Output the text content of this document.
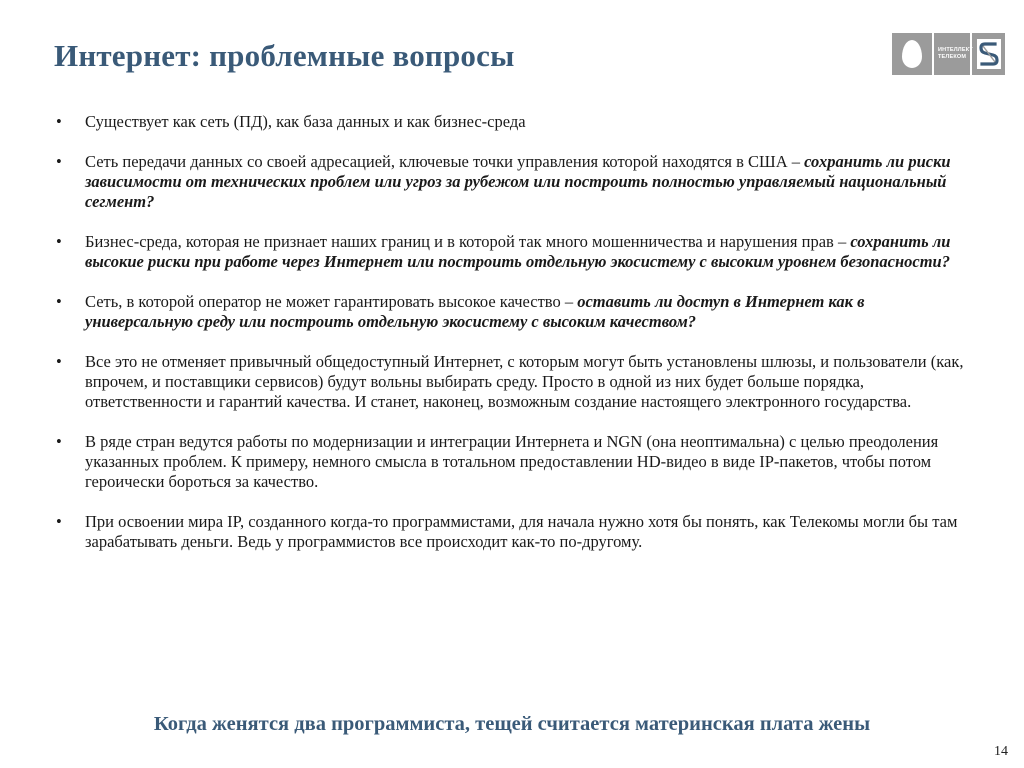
Интернет: проблемные вопросы	ИНТЕЛЛЕКТ
ТЕЛЕКОМ
• Существует как сеть (ПД), как база данных и как бизнес-среда
• Сеть передачи данных со своей адресацией, ключевые точки управления которой находятся в США – сохранить ли риски зависимости от технических проблем или угроз за рубежом или построить полностью управляемый национальный сегмент?
• Бизнес-среда, которая не признает наших границ и в которой так много мошенничества и нарушения прав – сохранить ли высокие риски при работе через Интернет или построить отдельную экосистему с высоким уровнем безопасности?
• Сеть, в которой оператор не может гарантировать высокое качество – оставить ли доступ в Интернет как в универсальную среду или построить отдельную экосистему с высоким качеством?
• Все это не отменяет привычный общедоступный Интернет, с которым могут быть установлены шлюзы, и пользователи (как, впрочем, и поставщики сервисов) будут вольны выбирать среду. Просто в одной из них будет больше порядка, ответственности и гарантий качества. И станет, наконец, возможным создание настоящего электронного государства.
• В ряде стран ведутся работы по модернизации и интеграции Интернета и NGN (она неоптимальна) с целью преодоления указанных проблем. К примеру, немного смысла в тотальном предоставлении HD-видео в виде IP-пакетов, чтобы потом героически бороться за качество.
• При освоении мира IP, созданного когда-то программистами, для начала нужно хотя бы понять, как Телекомы могли бы там зарабатывать деньги. Ведь у программистов все происходит как-то по-другому.

Когда женятся два программиста, тещей считается материнская плата жены

14
